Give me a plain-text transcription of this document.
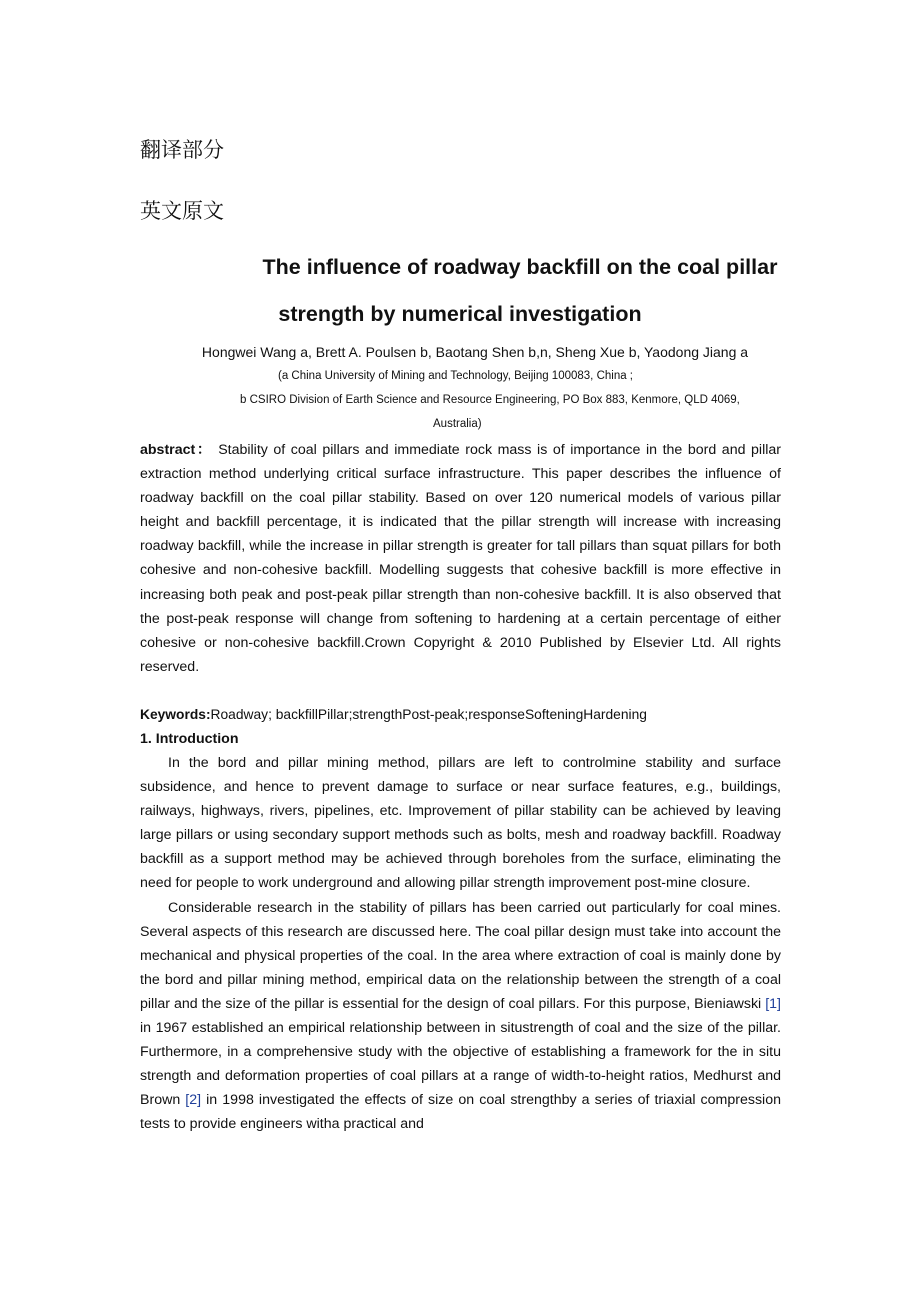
翻译部分
英文原文
The influence of roadway backfill on the coal pillar
strength by numerical investigation
Hongwei Wang a, Brett A. Poulsen b, Baotang Shen b,n, Sheng Xue b, Yaodong Jiang a
(a China University of Mining and Technology, Beijing 100083, China ;
b CSIRO Division of Earth Science and Resource Engineering, PO Box 883, Kenmore, QLD 4069,
Australia)

abstract： Stability of coal pillars and immediate rock mass is of importance in the bord and pillar extraction method underlying critical surface infrastructure. This paper describes the influence of roadway backfill on the coal pillar stability. Based on over 120 numerical models of various pillar height and backfill percentage, it is indicated that the pillar strength will increase with increasing roadway backfill, while the increase in pillar strength is greater for tall pillars than squat pillars for both cohesive and non-cohesive backfill. Modelling suggests that cohesive backfill is more effective in increasing both peak and post-peak pillar strength than non-cohesive backfill. It is also observed that the post-peak response will change from softening to hardening at a certain percentage of either cohesive or non-cohesive backfill.Crown Copyright & 2010 Published by Elsevier Ltd. All rights reserved.

Keywords:Roadway; backfillPillar;strengthPost-peak;responseSofteningHardening
1. Introduction

In the bord and pillar mining method, pillars are left to controlmine stability and surface subsidence, and hence to prevent damage to surface or near surface features, e.g., buildings, railways, highways, rivers, pipelines, etc. Improvement of pillar stability can be achieved by leaving large pillars or using secondary support methods such as bolts, mesh and roadway backfill. Roadway backfill as a support method may be achieved through boreholes from the surface, eliminating the need for people to work underground and allowing pillar strength improvement post-mine closure.

Considerable research in the stability of pillars has been carried out particularly for coal mines. Several aspects of this research are discussed here. The coal pillar design must take into account the mechanical and physical properties of the coal. In the area where extraction of coal is mainly done by the bord and pillar mining method, empirical data on the relationship between the strength of a coal pillar and the size of the pillar is essential for the design of coal pillars. For this purpose, Bieniawski [1] in 1967 established an empirical relationship between in situstrength of coal and the size of the pillar. Furthermore, in a comprehensive study with the objective of establishing a framework for the in situ strength and deformation properties of coal pillars at a range of width-to-height ratios, Medhurst and Brown [2] in 1998 investigated the effects of size on coal strengthby a series of triaxial compression tests to provide engineers witha practical and
